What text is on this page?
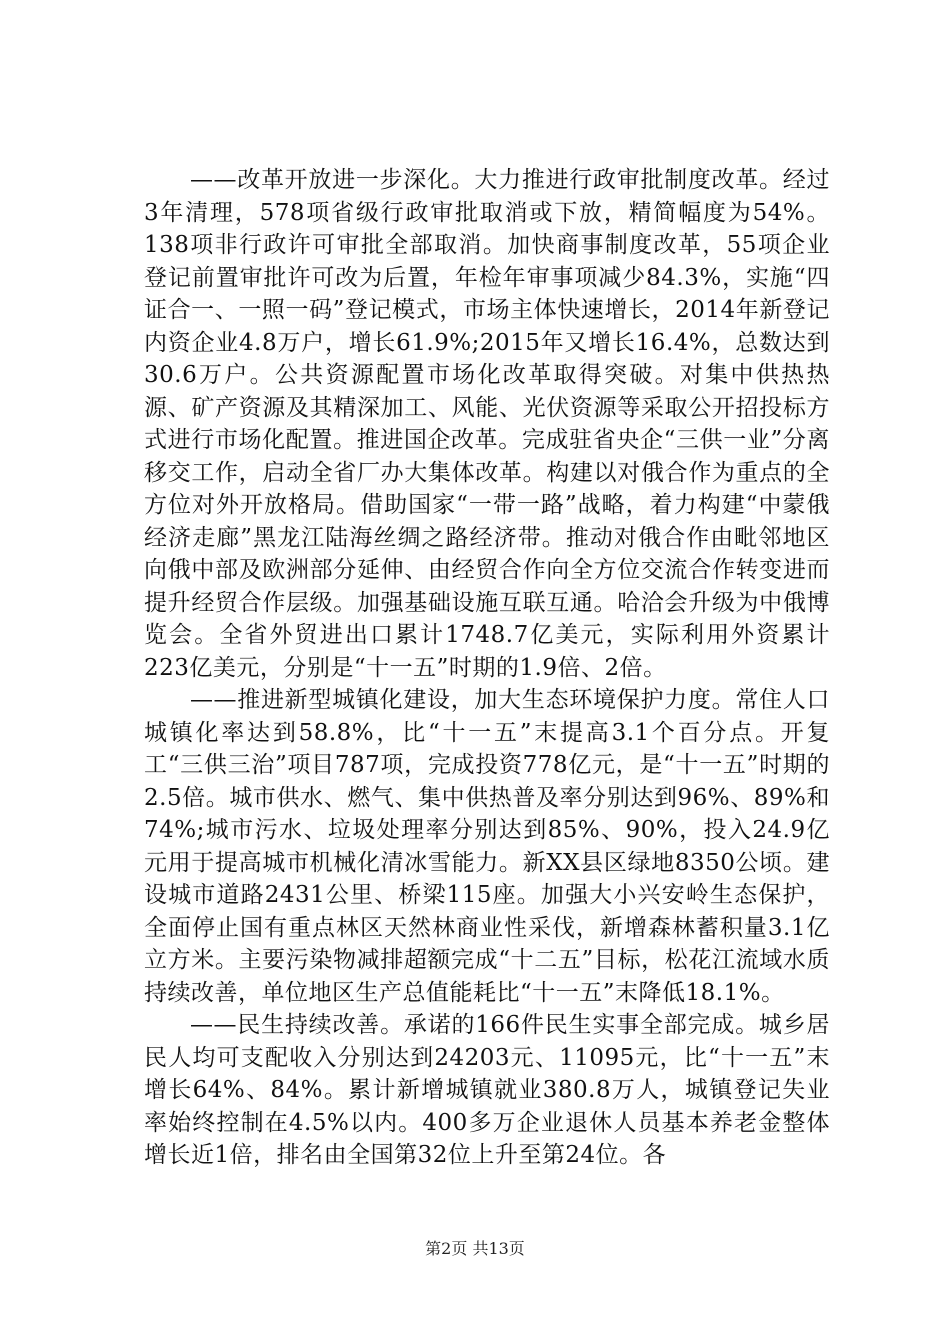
——改革开放进一步深化。大力推进行政审批制度改革。经过3年清理，578项省级行政审批取消或下放，精简幅度为54%。138项非行政许可审批全部取消。加快商事制度改革，55项企业登记前置审批许可改为后置，年检年审事项减少84.3%，实施“四证合一、一照一码”登记模式，市场主体快速增长，2014年新登记内资企业4.8万户，增长61.9%;2015年又增长16.4%，总数达到30.6万户。公共资源配置市场化改革取得突破。对集中供热热源、矿产资源及其精深加工、风能、光伏资源等采取公开招投标方式进行市场化配置。推进国企改革。完成驻省央企“三供一业”分离移交工作，启动全省厂办大集体改革。构建以对俄合作为重点的全方位对外开放格局。借助国家“一带一路”战略，着力构建“中蒙俄经济走廊”黑龙江陆海丝绸之路经济带。推动对俄合作由毗邻地区向俄中部及欧洲部分延伸、由经贸合作向全方位交流合作转变进而提升经贸合作层级。加强基础设施互联互通。哈洽会升级为中俄博览会。全省外贸进出口累计1748.7亿美元，实际利用外资累计223亿美元，分别是“十一五”时期的1.9倍、2倍。

——推进新型城镇化建设，加大生态环境保护力度。常住人口城镇化率达到58.8%，比“十一五”末提高3.1个百分点。开复工“三供三治”项目787项，完成投资778亿元，是“十一五”时期的2.5倍。城市供水、燃气、集中供热普及率分别达到96%、89%和74%;城市污水、垃圾处理率分别达到85%、90%，投入24.9亿元用于提高城市机械化清冰雪能力。新XX县区绿地8350公顷。建设城市道路2431公里、桥梁115座。加强大小兴安岭生态保护，全面停止国有重点林区天然林商业性采伐，新增森林蓄积量3.1亿立方米。主要污染物减排超额完成“十二五”目标，松花江流域水质持续改善，单位地区生产总值能耗比“十一五”末降低18.1%。

——民生持续改善。承诺的166件民生实事全部完成。城乡居民人均可支配收入分别达到24203元、11095元，比“十一五”末增长64%、84%。累计新增城镇就业380.8万人，城镇登记失业率始终控制在4.5%以内。400多万企业退休人员基本养老金整体增长近1倍，排名由全国第32位上升至第24位。各

第2页 共13页
